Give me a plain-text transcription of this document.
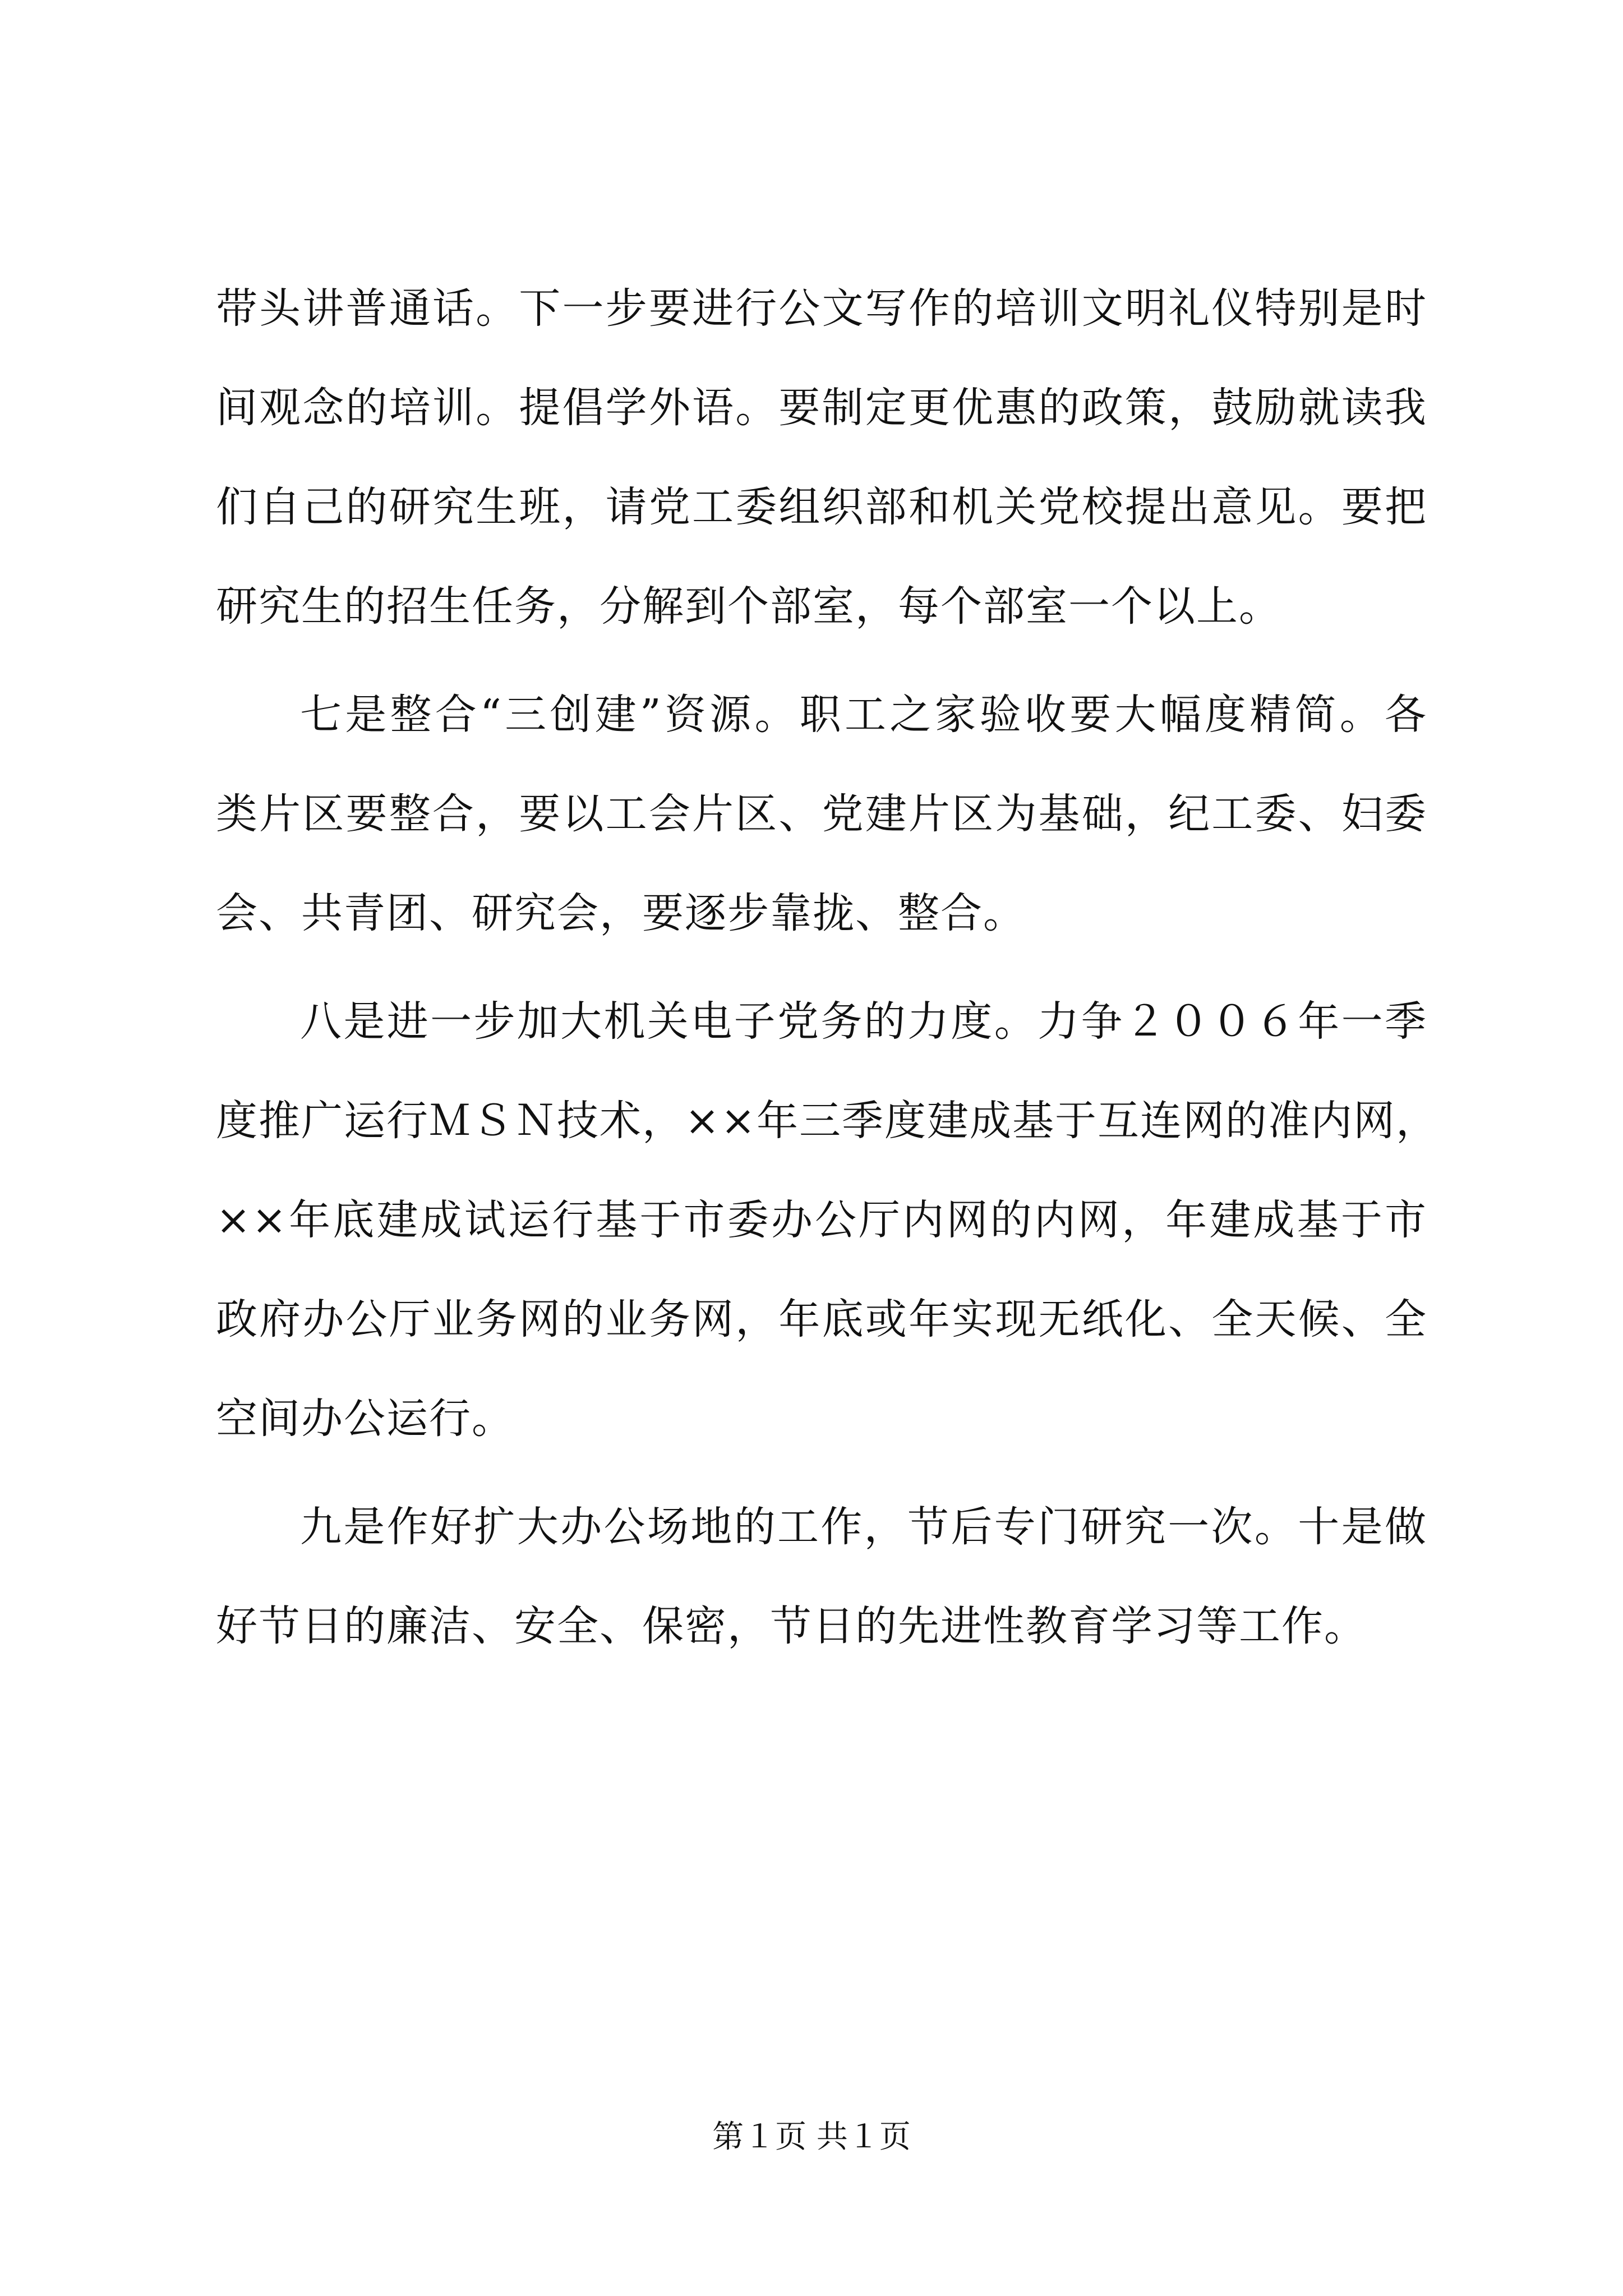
带头讲普通话。下一步要进行公文写作的培训文明礼仪特别是时
间观念的培训。提倡学外语。要制定更优惠的政策，鼓励就读我
们自己的研究生班，请党工委组织部和机关党校提出意见。要把
研究生的招生任务，分解到个部室，每个部室一个以上。
七是整合“三创建”资源。职工之家验收要大幅度精简。各
类片区要整合，要以工会片区、党建片区为基础，纪工委、妇委
会、共青团、研究会，要逐步靠拢、整合。
八是进一步加大机关电子党务的力度。力争２００６年一季
度推广运行ＭＳＮ技术，××年三季度建成基于互连网的准内网，
××年底建成试运行基于市委办公厅内网的内网，年建成基于市
政府办公厅业务网的业务网，年底或年实现无纸化、全天候、全
空间办公运行。
九是作好扩大办公场地的工作，节后专门研究一次。十是做
好节日的廉洁、安全、保密，节日的先进性教育学习等工作。
第１页 共１页
